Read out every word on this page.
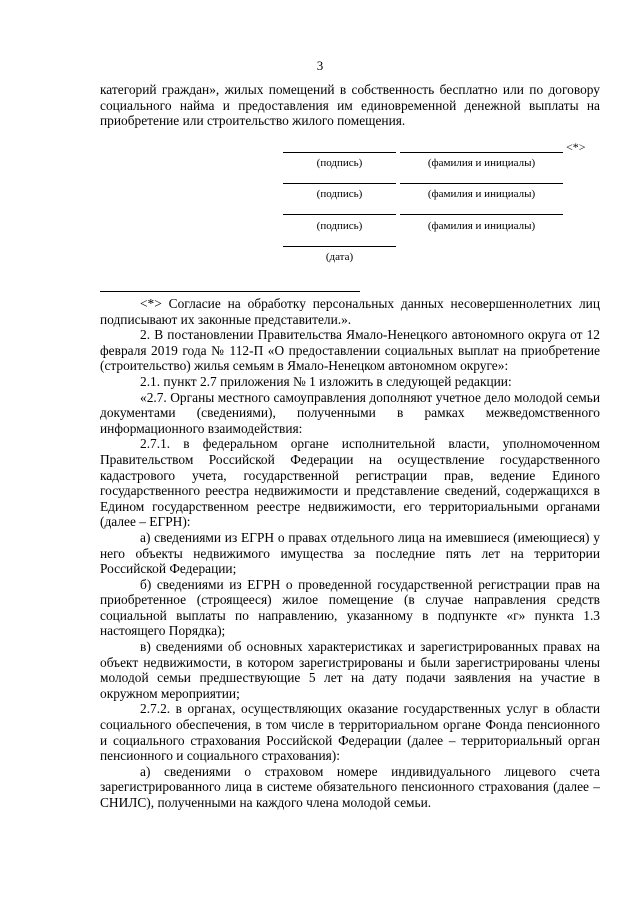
3

категорий граждан», жилых помещений в собственность бесплатно или по договору социального найма и предоставления им единовременной денежной выплаты на приобретение или строительство жилого помещения.

<*>
(подпись)	(фамилия и инициалы)
(подпись)	(фамилия и инициалы)
(подпись)	(фамилия и инициалы)
(дата)

<*> Согласие на обработку персональных данных несовершеннолетних лиц подписывают их законные представители.».

2. В постановлении Правительства Ямало-Ненецкого автономного округа от 12 февраля 2019 года № 112-П «О предоставлении социальных выплат на приобретение (строительство) жилья семьям в Ямало-Ненецком автономном округе»:

2.1. пункт 2.7 приложения № 1 изложить в следующей редакции:

«2.7. Органы местного самоуправления дополняют учетное дело молодой семьи документами (сведениями), полученными в рамках межведомственного информационного взаимодействия:

2.7.1. в федеральном органе исполнительной власти, уполномоченном Правительством Российской Федерации на осуществление государственного кадастрового учета, государственной регистрации прав, ведение Единого государственного реестра недвижимости и представление сведений, содержащихся в Едином государственном реестре недвижимости, его территориальными органами (далее – ЕГРН):

а) сведениями из ЕГРН о правах отдельного лица на имевшиеся (имеющиеся) у него объекты недвижимого имущества за последние пять лет на территории Российской Федерации;

б) сведениями из ЕГРН о проведенной государственной регистрации прав на приобретенное (строящееся) жилое помещение (в случае направления средств социальной выплаты по направлению, указанному в подпункте «г» пункта 1.3 настоящего Порядка);

в) сведениями об основных характеристиках и зарегистрированных правах на объект недвижимости, в котором зарегистрированы и были зарегистрированы члены молодой семьи предшествующие 5 лет на дату подачи заявления на участие в окружном мероприятии;

2.7.2. в органах, осуществляющих оказание государственных услуг в области социального обеспечения, в том числе в территориальном органе Фонда пенсионного и социального страхования Российской Федерации (далее – территориальный орган пенсионного и социального страхования):

а) сведениями о страховом номере индивидуального лицевого счета зарегистрированного лица в системе обязательного пенсионного страхования (далее – СНИЛС), полученными на каждого члена молодой семьи.
